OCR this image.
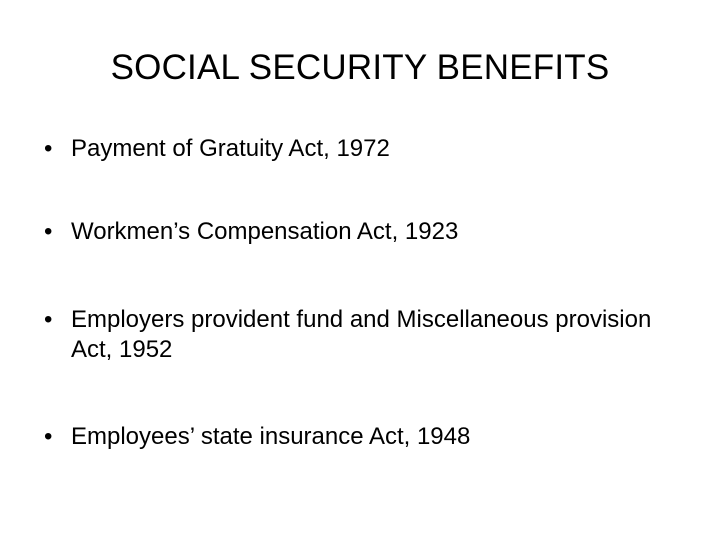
SOCIAL SECURITY BENEFITS
• Payment of Gratuity Act, 1972
• Workmen’s Compensation Act, 1923
• Employers provident fund and Miscellaneous provision Act, 1952
• Employees’ state insurance Act, 1948
